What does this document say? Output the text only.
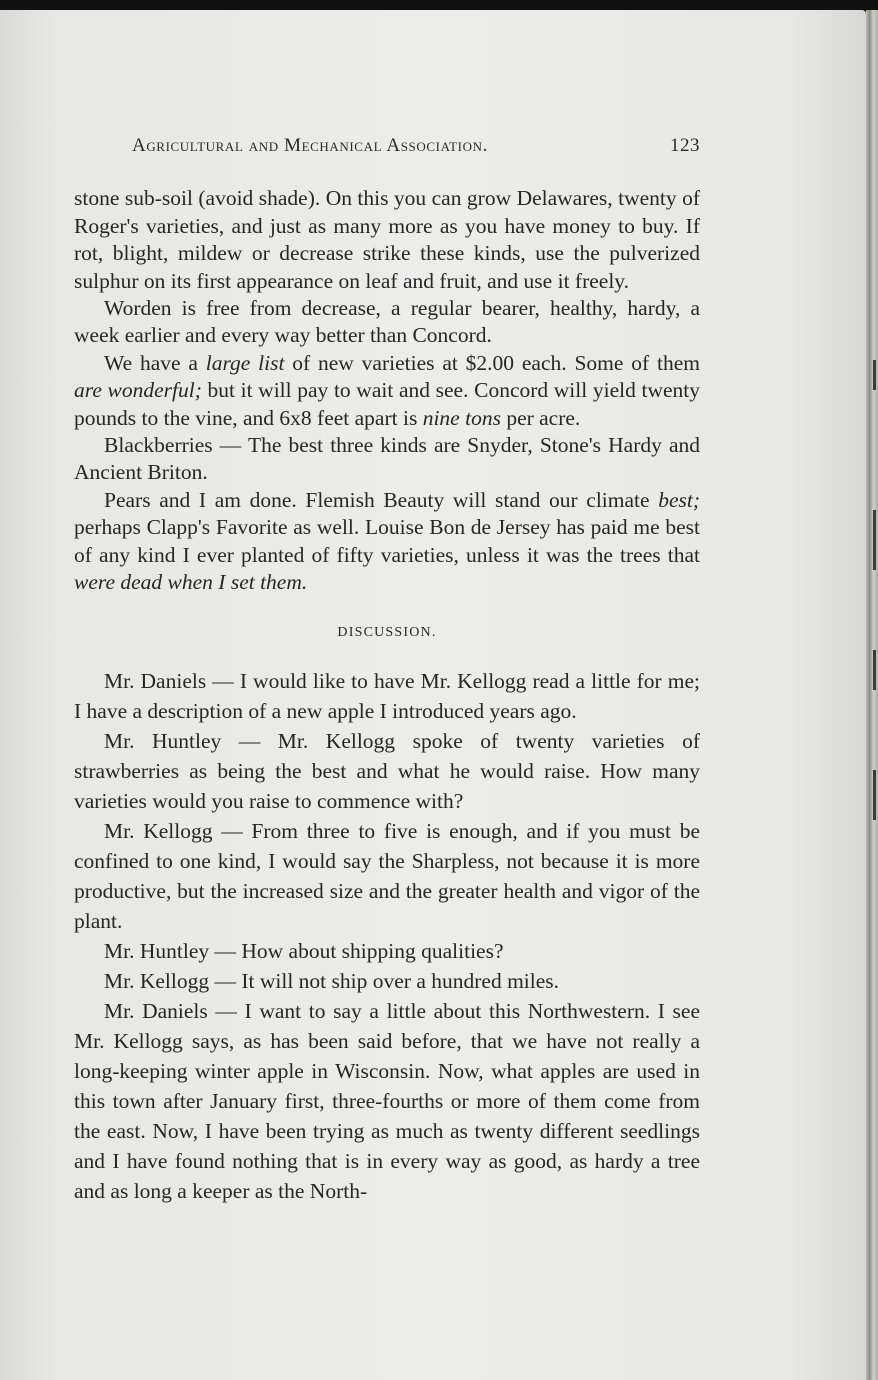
Agricultural and Mechanical Association.	123

stone sub-soil (avoid shade). On this you can grow Delawares, twenty of Roger's varieties, and just as many more as you have money to buy. If rot, blight, mildew or decrease strike these kinds, use the pulverized sulphur on its first appearance on leaf and fruit, and use it freely.

Worden is free from decrease, a regular bearer, healthy, hardy, a week earlier and every way better than Concord.

We have a large list of new varieties at $2.00 each. Some of them are wonderful; but it will pay to wait and see. Concord will yield twenty pounds to the vine, and 6x8 feet apart is nine tons per acre.

Blackberries — The best three kinds are Snyder, Stone's Hardy and Ancient Briton.

Pears and I am done. Flemish Beauty will stand our climate best; perhaps Clapp's Favorite as well. Louise Bon de Jersey has paid me best of any kind I ever planted of fifty varieties, unless it was the trees that were dead when I set them.

DISCUSSION.

Mr. Daniels — I would like to have Mr. Kellogg read a little for me; I have a description of a new apple I introduced years ago.

Mr. Huntley — Mr. Kellogg spoke of twenty varieties of strawberries as being the best and what he would raise. How many varieties would you raise to commence with?

Mr. Kellogg — From three to five is enough, and if you must be confined to one kind, I would say the Sharpless, not because it is more productive, but the increased size and the greater health and vigor of the plant.

Mr. Huntley — How about shipping qualities?

Mr. Kellogg — It will not ship over a hundred miles.

Mr. Daniels — I want to say a little about this Northwestern. I see Mr. Kellogg says, as has been said before, that we have not really a long-keeping winter apple in Wisconsin. Now, what apples are used in this town after January first, three-fourths or more of them come from the east. Now, I have been trying as much as twenty different seedlings and I have found nothing that is in every way as good, as hardy a tree and as long a keeper as the North-
